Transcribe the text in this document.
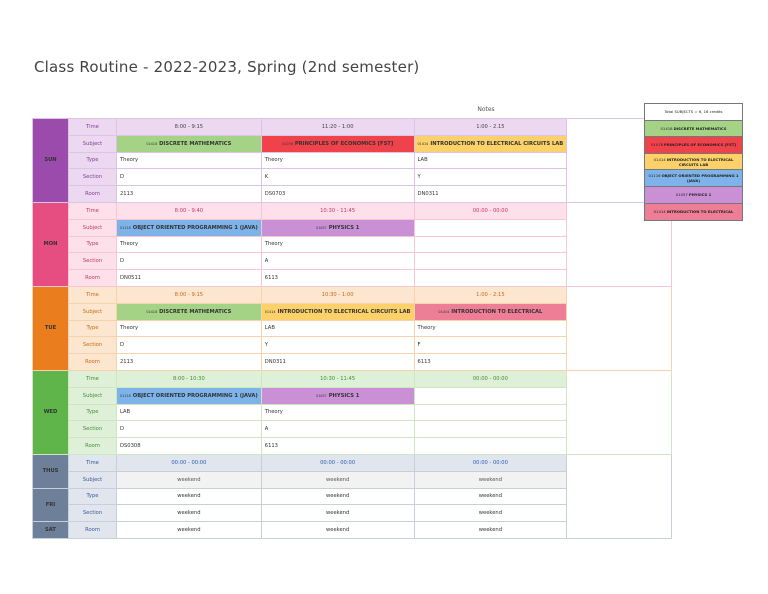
Class Routine - 2022-2023, Spring (2nd semester)
Notes
SUN	Time	8:00 - 9:15	11:20 - 1:00	1:00 - 2.15	
	Subject	01418 DISCRETE MATHEMATICS	01078 PRINCIPLES OF ECONOMICS [FST]	01414 INTRODUCTION TO ELECTRICAL CIRCUITS LAB	
	Type	Theory	Theory	LAB	
	Section	D	K	Y	
	Room	2113	DS0703	DN0311	
MON	Time	8:00 - 9:40	10:30 - 11:45	00:00 - 00:00	
	Subject	01116 OBJECT ORIENTED PROGRAMMING 1 (JAVA)	01057 PHYSICS 1		
	Type	Theory	Theory		
	Section	D	A		
	Room	DN0511	6113		
TUE	Time	8:00 - 9:15	10:30 - 1:00	1:00 - 2:15	
	Subject	01418 DISCRETE MATHEMATICS	01414 INTRODUCTION TO ELECTRICAL CIRCUITS LAB	01414 INTRODUCTION TO ELECTRICAL	
	Type	Theory	LAB	Theory	
	Section	D	Y	F	
	Room	2113	DN0311	6113	
WED	Time	8:00 - 10:30	10:30 - 11:45	00:00 - 00:00	
	Subject	01116 OBJECT ORIENTED PROGRAMMING 1 (JAVA)	01057 PHYSICS 1		
	Type	LAB	Theory		
	Section	D	A		
	Room	DS0308	6113		
THUS	Time	00:00 - 00:00	00:00 - 00:00	00:00 - 00:00	
	Subject	weekend	weekend	weekend	
FRI	Type	weekend	weekend	weekend	
	Section	weekend	weekend	weekend	
SAT	Room	weekend	weekend	weekend	
Total SUBJECTS = 6, 16 credits
01418DISCRETE MATHEMATICS
01078PRINCIPLES OF ECONOMICS [FST]
01414INTRODUCTION TO ELECTRICAL CIRCUITS LAB
01116OBJECT ORIENTED PROGRAMMING 1 (JAVA)
01057PHYSICS 1
01414INTRODUCTION TO ELECTRICAL
